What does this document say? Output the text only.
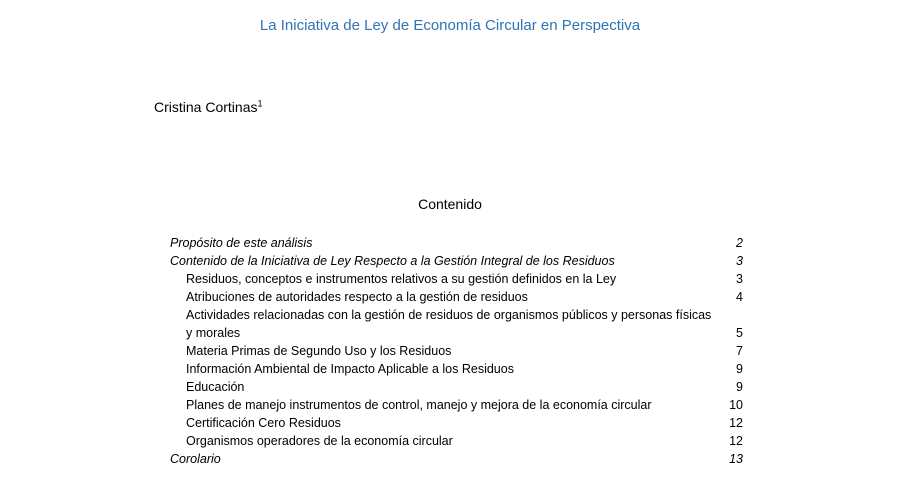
La Iniciativa de Ley de Economía Circular en Perspectiva
Cristina Cortinas$^1$
Contenido
Propósito de este análisis	2
Contenido de la Iniciativa de Ley Respecto a la Gestión Integral de los Residuos	3
Residuos, conceptos e instrumentos relativos a su gestión definidos en la Ley	3
Atribuciones de autoridades respecto a la gestión de residuos	4
Actividades relacionadas con la gestión de residuos de organismos públicos y personas físicas y morales	5
Materia Primas de Segundo Uso y los Residuos	7
Información Ambiental de Impacto Aplicable a los Residuos	9
Educación	9
Planes de manejo instrumentos de control, manejo y mejora de la economía circular	10
Certificación Cero Residuos	12
Organismos operadores de la economía circular	12
Corolario	13
